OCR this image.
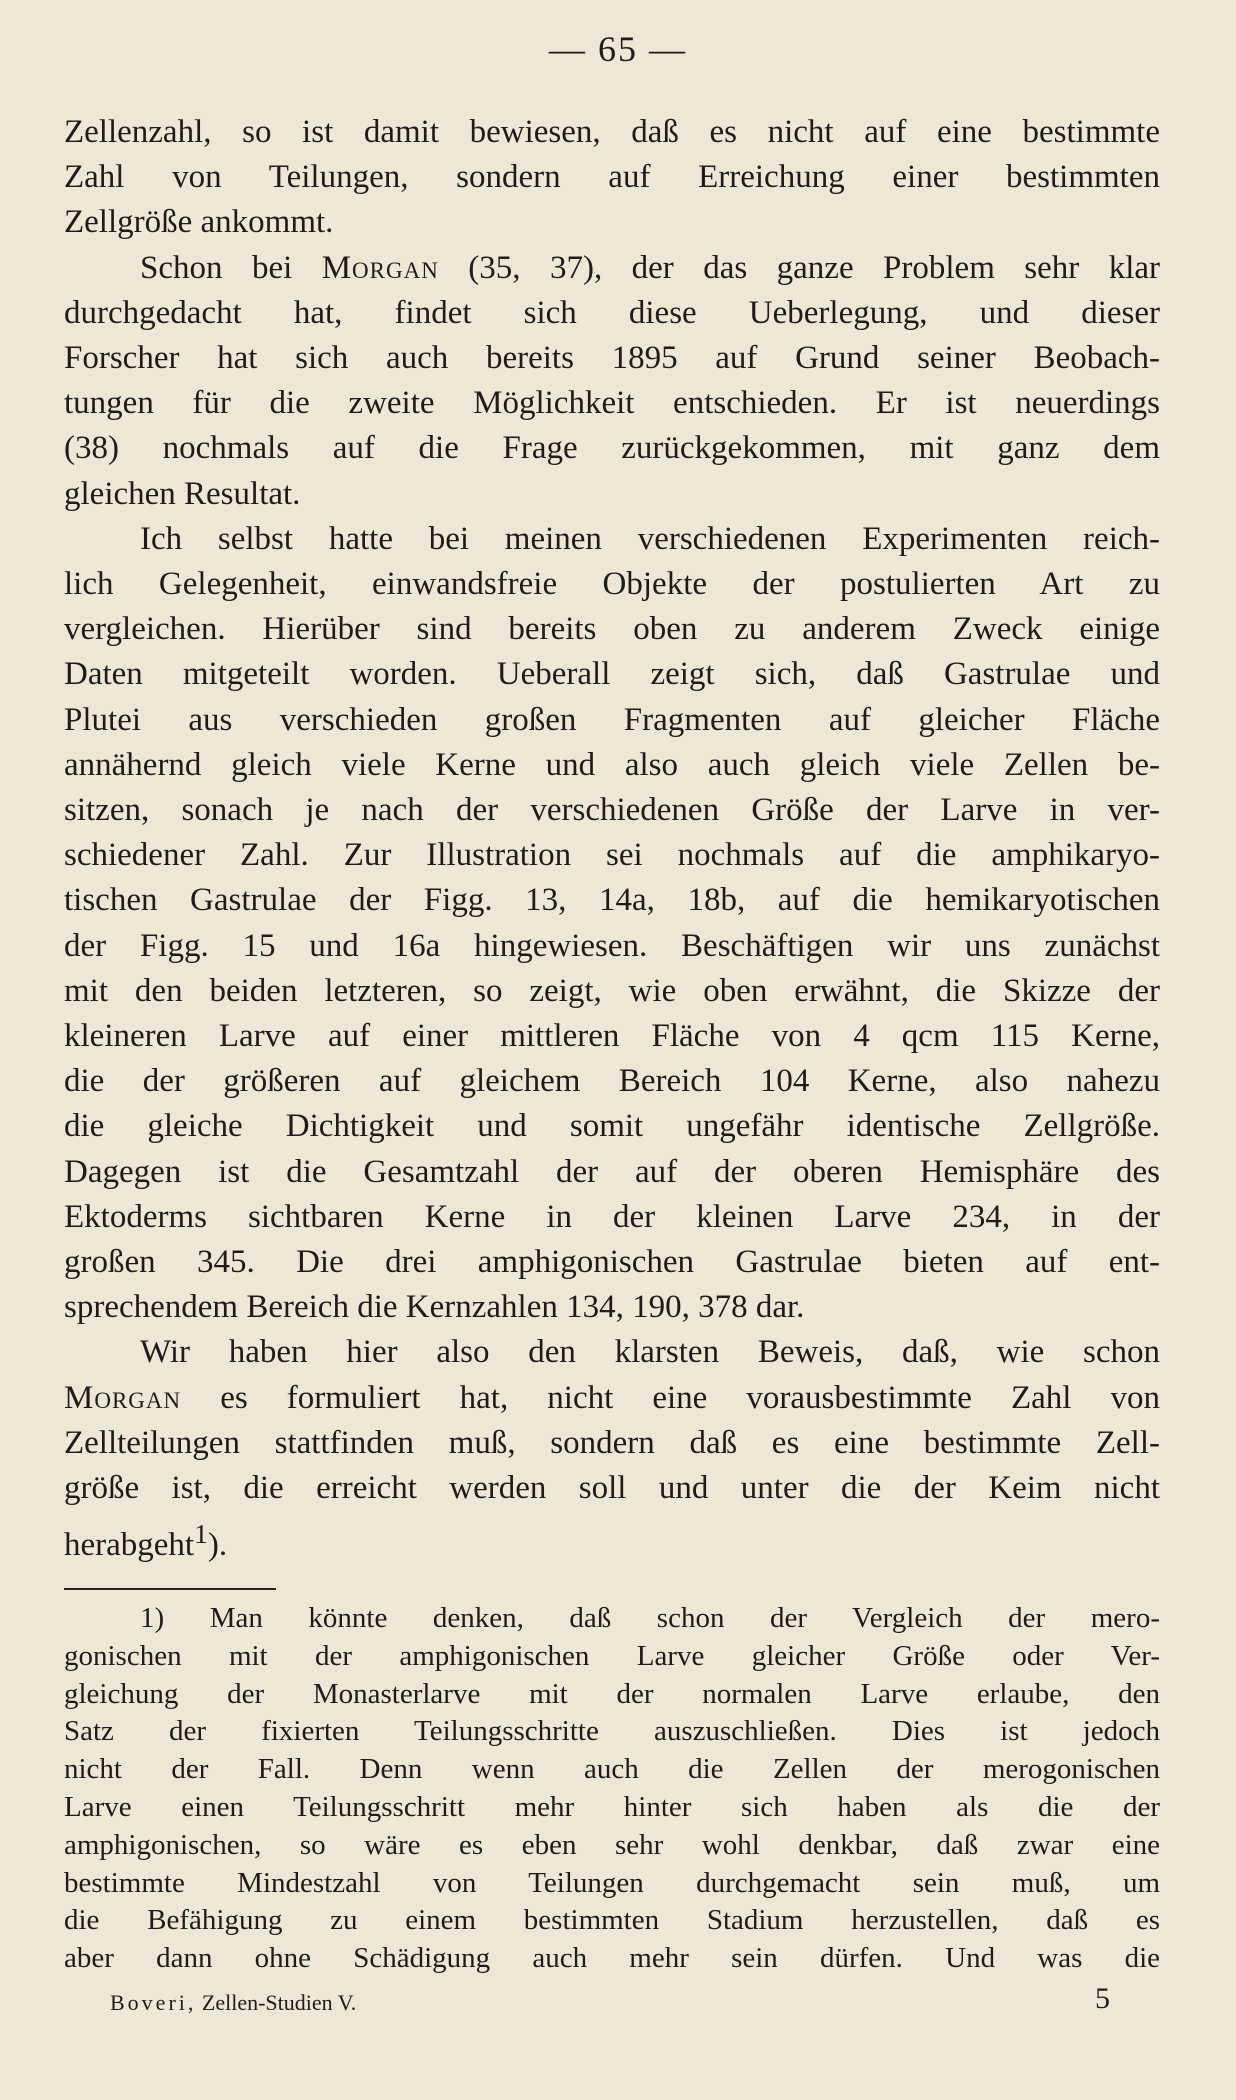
— 65 —

Zellenzahl, so ist damit bewiesen, daß es nicht auf eine bestimmte
Zahl von Teilungen, sondern auf Erreichung einer bestimmten
Zellgröße ankommt.

Schon bei Morgan (35, 37), der das ganze Problem sehr klar
durchgedacht hat, findet sich diese Ueberlegung, und dieser
Forscher hat sich auch bereits 1895 auf Grund seiner Beobach-
tungen für die zweite Möglichkeit entschieden. Er ist neuerdings
(38) nochmals auf die Frage zurückgekommen, mit ganz dem
gleichen Resultat.

Ich selbst hatte bei meinen verschiedenen Experimenten reich-
lich Gelegenheit, einwandsfreie Objekte der postulierten Art zu
vergleichen. Hierüber sind bereits oben zu anderem Zweck einige
Daten mitgeteilt worden. Ueberall zeigt sich, daß Gastrulae und
Plutei aus verschieden großen Fragmenten auf gleicher Fläche
annähernd gleich viele Kerne und also auch gleich viele Zellen be-
sitzen, sonach je nach der verschiedenen Größe der Larve in ver-
schiedener Zahl. Zur Illustration sei nochmals auf die amphikaryo-
tischen Gastrulae der Figg. 13, 14a, 18b, auf die hemikaryotischen
der Figg. 15 und 16a hingewiesen. Beschäftigen wir uns zunächst
mit den beiden letzteren, so zeigt, wie oben erwähnt, die Skizze der
kleineren Larve auf einer mittleren Fläche von 4 qcm 115 Kerne,
die der größeren auf gleichem Bereich 104 Kerne, also nahezu
die gleiche Dichtigkeit und somit ungefähr identische Zellgröße.
Dagegen ist die Gesamtzahl der auf der oberen Hemisphäre des
Ektoderms sichtbaren Kerne in der kleinen Larve 234, in der
großen 345. Die drei amphigonischen Gastrulae bieten auf ent-
sprechendem Bereich die Kernzahlen 134, 190, 378 dar.

Wir haben hier also den klarsten Beweis, daß, wie schon
Morgan es formuliert hat, nicht eine vorausbestimmte Zahl von
Zellteilungen stattfinden muß, sondern daß es eine bestimmte Zell-
größe ist, die erreicht werden soll und unter die der Keim nicht
herabgeht$^1$).

1) Man könnte denken, daß schon der Vergleich der mero-
gonischen mit der amphigonischen Larve gleicher Größe oder Ver-
gleichung der Monasterlarve mit der normalen Larve erlaube, den
Satz der fixierten Teilungsschritte auszuschließen. Dies ist jedoch
nicht der Fall. Denn wenn auch die Zellen der merogonischen
Larve einen Teilungsschritt mehr hinter sich haben als die der
amphigonischen, so wäre es eben sehr wohl denkbar, daß zwar eine
bestimmte Mindestzahl von Teilungen durchgemacht sein muß, um
die Befähigung zu einem bestimmten Stadium herzustellen, daß es
aber dann ohne Schädigung auch mehr sein dürfen. Und was die
Boveri, Zellen-Studien V.	5
